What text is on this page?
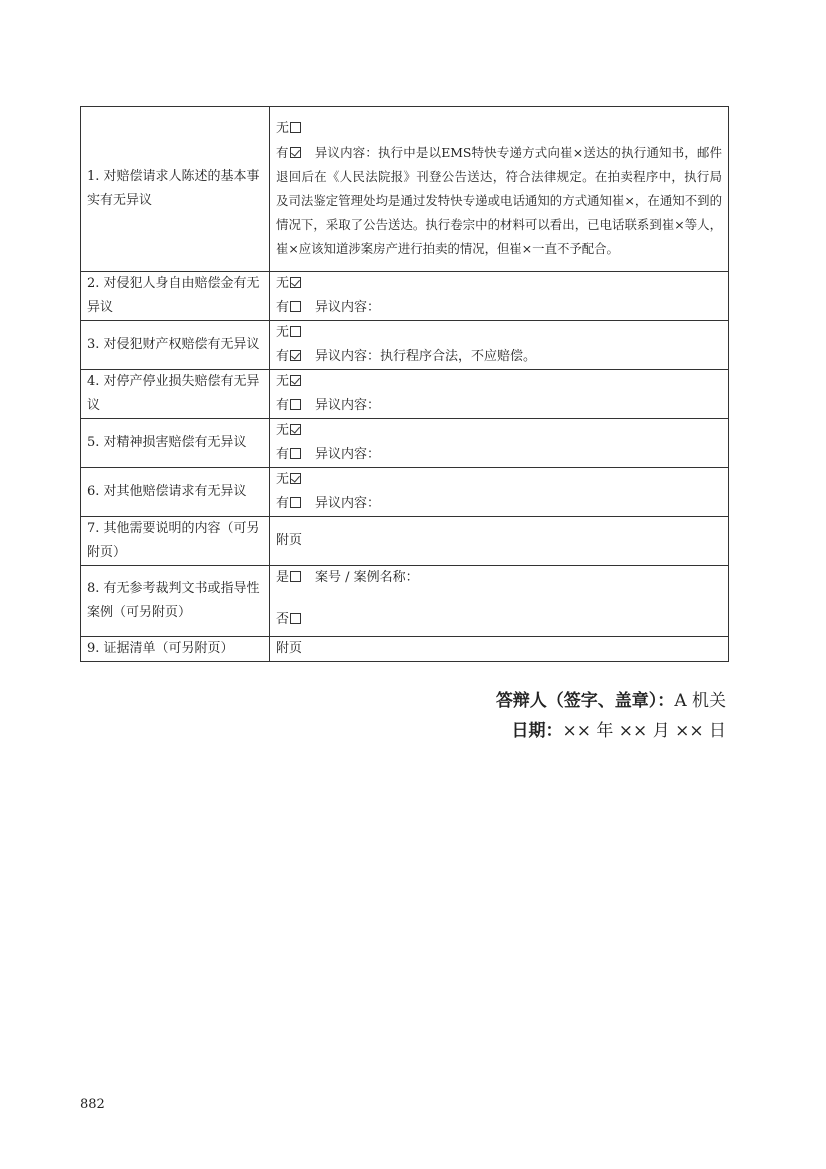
1. 对赔偿请求人陈述的基本事实有无异议	无
有 异议内容：执行中是以EMS特快专递方式向崔×送达的执行通知书，邮件退回后在《人民法院报》刊登公告送达，符合法律规定。在拍卖程序中，执行局及司法鉴定管理处均是通过发特快专递或电话通知的方式通知崔×，在通知不到的情况下，采取了公告送达。执行卷宗中的材料可以看出，已电话联系到崔×等人，崔×应该知道涉案房产进行拍卖的情况，但崔×一直不予配合。

2. 对侵犯人身自由赔偿金有无异议	无
有 异议内容：

3. 对侵犯财产权赔偿有无异议	无
有 异议内容：执行程序合法，不应赔偿。

4. 对停产停业损失赔偿有无异议	无
有 异议内容：

5. 对精神损害赔偿有无异议	无
有 异议内容：

6. 对其他赔偿请求有无异议	无
有 异议内容：

7. 其他需要说明的内容（可另附页）	附页
8. 有无参考裁判文书或指导性案例（可另附页）	是 案号 / 案例名称：
否

9. 证据清单（可另附页）	附页
答辩人（签字、盖章）：A 机关
日期：×× 年 ×× 月 ×× 日
882
